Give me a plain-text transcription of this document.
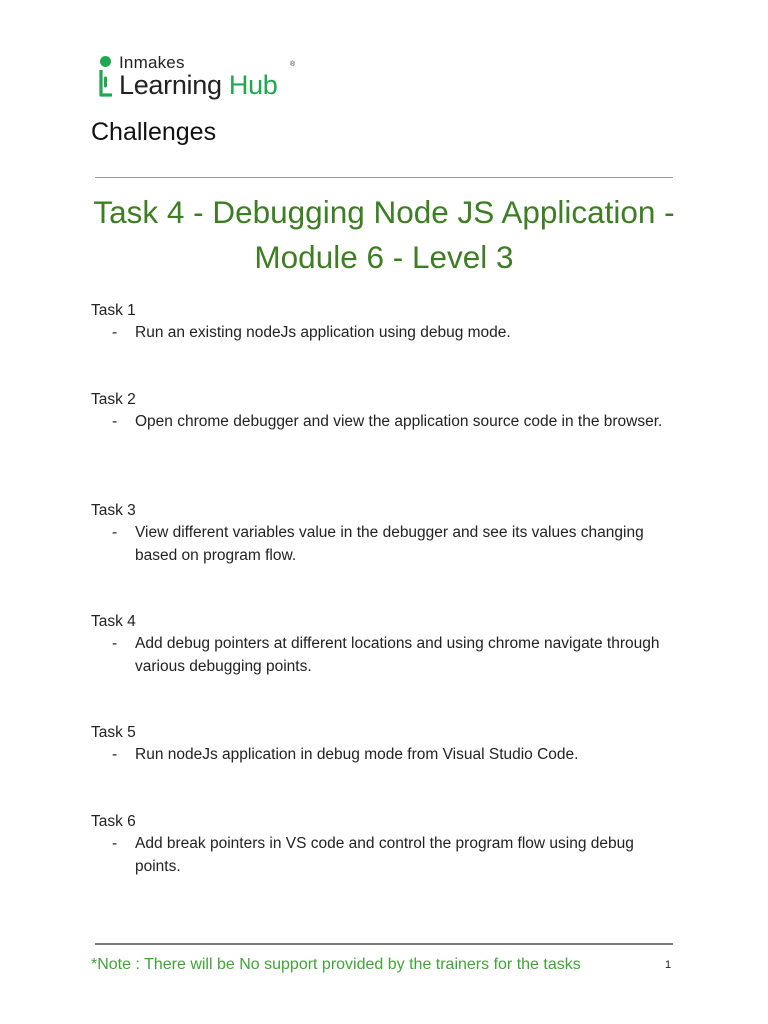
Inmakes
Learning Hub
®
Challenges
Task 4 - Debugging Node JS Application - Module 6 - Level 3
Task 1
- Run an existing nodeJs application using debug mode.
Task 2
- Open chrome debugger and view the application source code in the browser.
Task 3
- View different variables value in the debugger and see its values changing based on program flow.
Task 4
- Add debug pointers at different locations and using chrome navigate through various debugging points.
Task 5
- Run nodeJs application in debug mode from Visual Studio Code.
Task 6
- Add break pointers in VS code and control the program flow using debug points.
*Note : There will be No support provided by the trainers for the tasks	1
